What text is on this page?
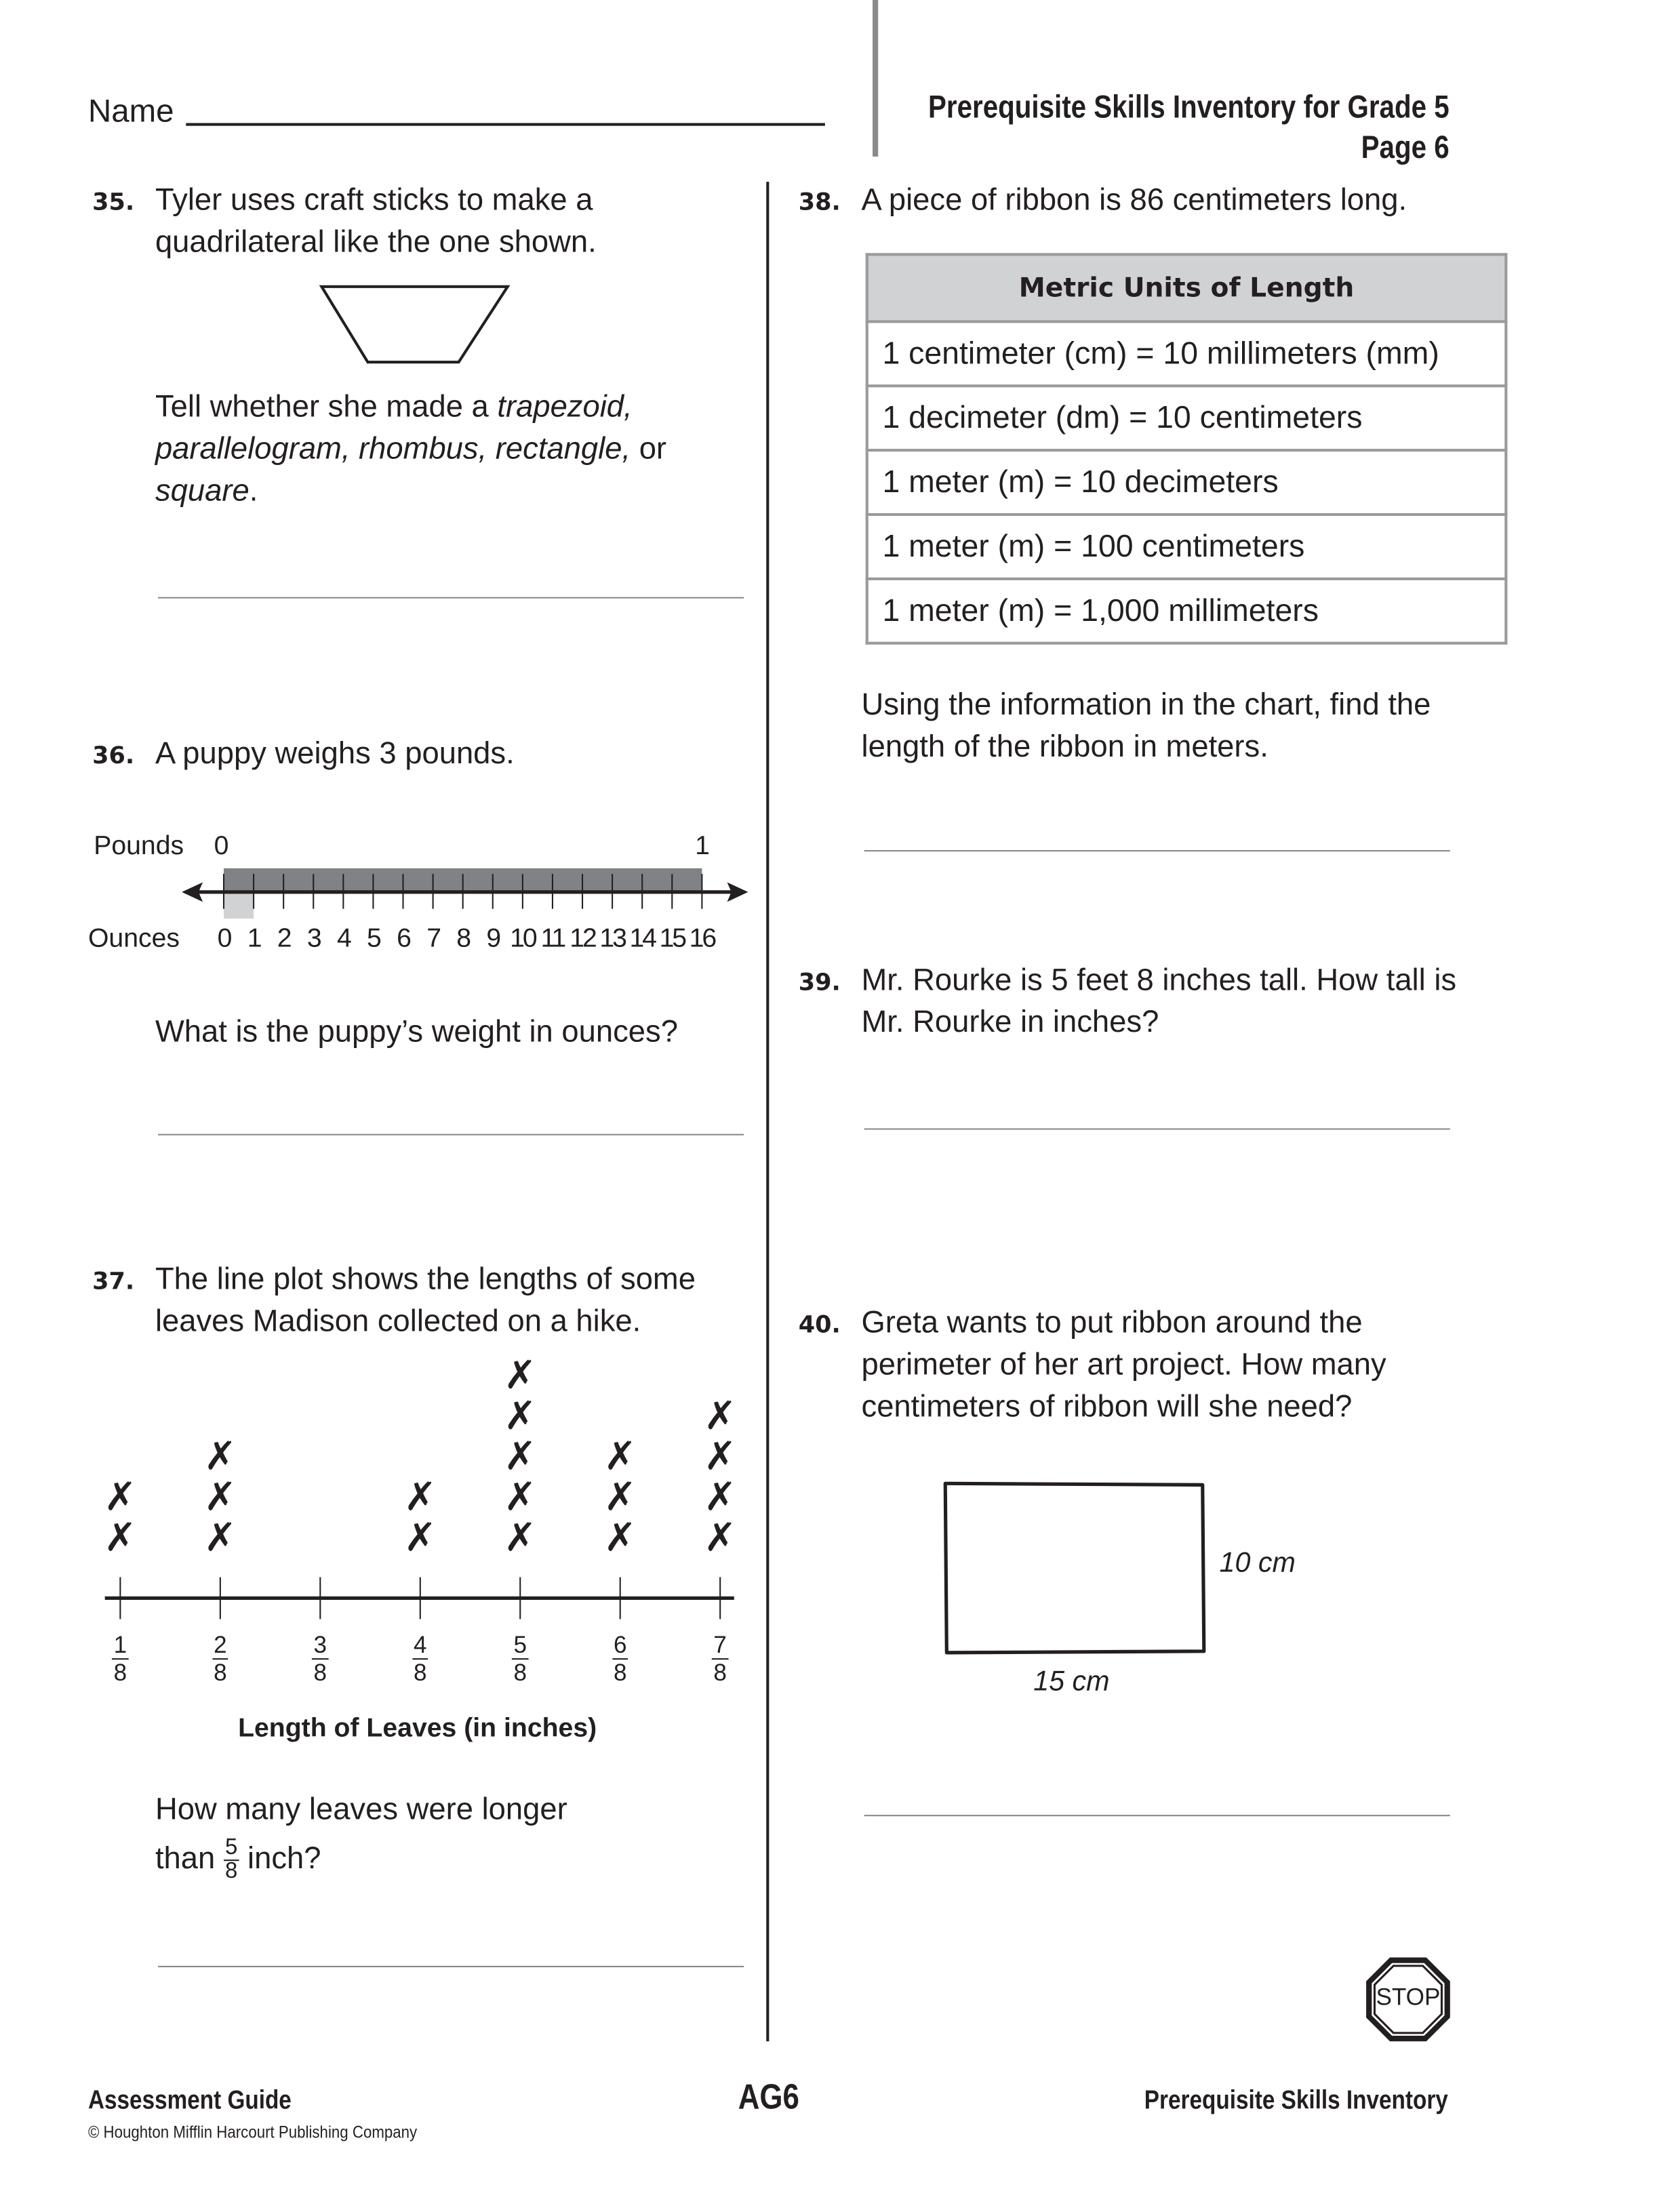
Name	Prerequisite Skills Inventory for Grade 5
Page 6
35. Tyler uses craft sticks to make a quadrilateral like the one shown.
Tell whether she made a trapezoid, parallelogram, rhombus, rectangle, or square.
36. A puppy weighs 3 pounds.
Pounds 0	1
Ounces	0	1	2	3	4	5	6	7	8	9 10 11 12 13 14 15 16
What is the puppy’s weight in ounces?
37. The line plot shows the lengths of some leaves Madison collected on a hike.
✗
✗
✗
✗
✗
✗
✗
✗
✗
✗
✗
✗
✗
✗
✗
✗
✗
✗
✗
$\frac{1}{8}$	$\frac{2}{8}$	$\frac{3}{8}$	$\frac{4}{8}$	$\frac{5}{8}$	$\frac{6}{8}$	$\frac{7}{8}$
Length of Leaves (in inches)
How many leaves were longer
than $\frac{5}{8}$ inch?
38. A piece of ribbon is 86 centimeters long.
Metric Units of Length
1 centimeter (cm) = 10 millimeters (mm)
1 decimeter (dm) = 10 centimeters
1 meter (m) = 10 decimeters
1 meter (m) = 100 centimeters
1 meter (m) = 1,000 millimeters
Using the information in the chart, find the length of the ribbon in meters.
39. Mr. Rourke is 5 feet 8 inches tall. How tall is Mr. Rourke in inches?
40. Greta wants to put ribbon around the perimeter of her art project. How many centimeters of ribbon will she need?
10 cm
15 cm
STOP
Assessment Guide	AG6	Prerequisite Skills Inventory
© Houghton Mifflin Harcourt Publishing Company
